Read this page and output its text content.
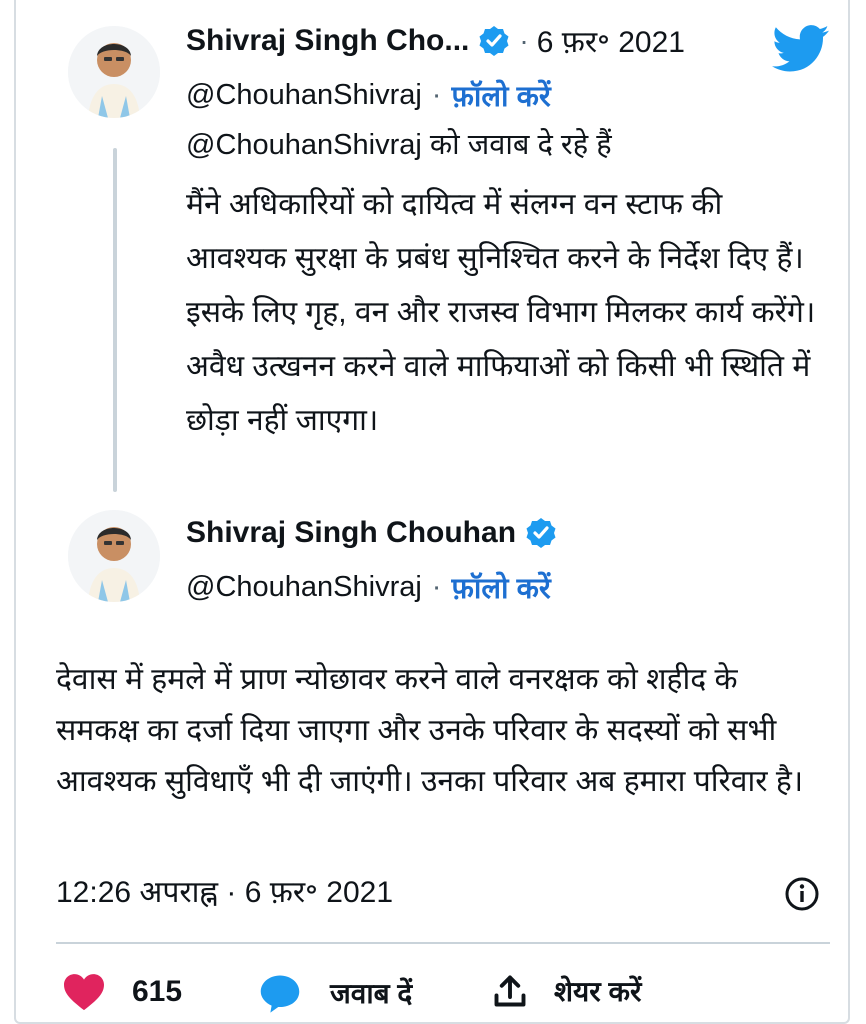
Shivraj Singh Cho... · 6 फ़र॰ 2021
@ChouhanShivraj · फ़ॉलो करें
@ChouhanShivraj को जवाब दे रहे हैं
मैंने अधिकारियों को दायित्व में संलग्न वन स्टाफ की आवश्यक सुरक्षा के प्रबंध सुनिश्चित करने के निर्देश दिए हैं। इसके लिए गृह, वन और राजस्व विभाग मिलकर कार्य करेंगे। अवैध उत्खनन करने वाले माफियाओं को किसी भी स्थिति में छोड़ा नहीं जाएगा।
Shivraj Singh Chouhan
@ChouhanShivraj · फ़ॉलो करें
देवास में हमले में प्राण न्योछावर करने वाले वनरक्षक को शहीद के समकक्ष का दर्जा दिया जाएगा और उनके परिवार के सदस्यों को सभी आवश्यक सुविधाएँ भी दी जाएंगी। उनका परिवार अब हमारा परिवार है।
12:26 अपराह्न · 6 फ़र॰ 2021
615	जवाब दें	शेयर करें
